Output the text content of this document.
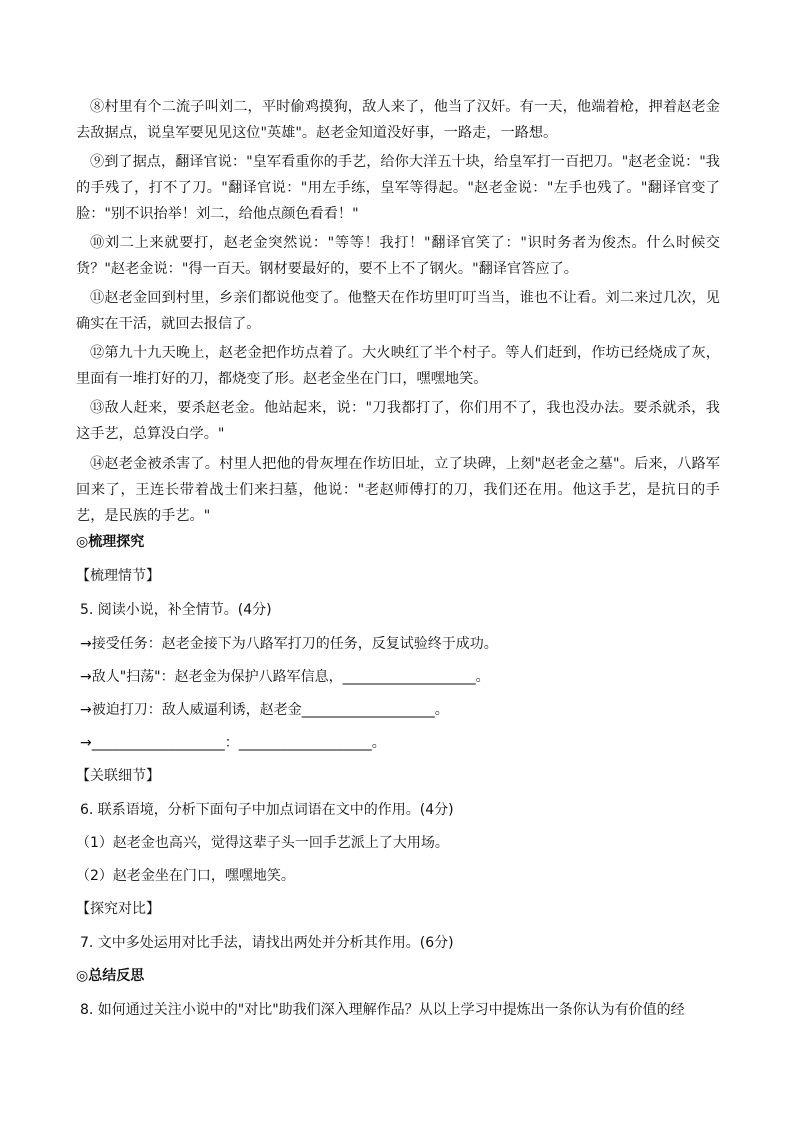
⑧村里有个二流子叫刘二，平时偷鸡摸狗，敌人来了，他当了汉奸。有一天，他端着枪，押着赵老金去敌据点，说皇军要见见这位"英雄"。赵老金知道没好事，一路走，一路想。

⑨到了据点，翻译官说："皇军看重你的手艺，给你大洋五十块，给皇军打一百把刀。"赵老金说："我的手残了，打不了刀。"翻译官说："用左手练，皇军等得起。"赵老金说："左手也残了。"翻译官变了脸："别不识抬举！刘二，给他点颜色看看！"

⑩刘二上来就要打，赵老金突然说："等等！我打！"翻译官笑了："识时务者为俊杰。什么时候交货？"赵老金说："得一百天。钢材要最好的，要不上不了钢火。"翻译官答应了。

⑪赵老金回到村里，乡亲们都说他变了。他整天在作坊里叮叮当当，谁也不让看。刘二来过几次，见确实在干活，就回去报信了。

⑫第九十九天晚上，赵老金把作坊点着了。大火映红了半个村子。等人们赶到，作坊已经烧成了灰，里面有一堆打好的刀，都烧变了形。赵老金坐在门口，嘿嘿地笑。

⑬敌人赶来，要杀赵老金。他站起来，说："刀我都打了，你们用不了，我也没办法。要杀就杀，我这手艺，总算没白学。"

⑭赵老金被杀害了。村里人把他的骨灰埋在作坊旧址，立了块碑，上刻"赵老金之墓"。后来，八路军回来了，王连长带着战士们来扫墓，他说："老赵师傅打的刀，我们还在用。他这手艺，是抗日的手艺，是民族的手艺。"

◎梳理探究
【梳理情节】
5. 阅读小说，补全情节。(4分)
→接受任务：赵老金接下为八路军打刀的任务，反复试验终于成功。
→敌人"扫荡"：赵老金为保护八路军信息，___________________。
→被迫打刀：敌人威逼利诱，赵老金___________________。
→___________________：___________________。
【关联细节】
6. 联系语境，分析下面句子中加点词语在文中的作用。(4分)
（1）赵老金也高兴，觉得这辈子头一回手艺派上了大用场。
（2）赵老金坐在门口，嘿嘿地笑。
【探究对比】
7. 文中多处运用对比手法，请找出两处并分析其作用。(6分)
◎总结反思
8. 如何通过关注小说中的"对比"助我们深入理解作品？从以上学习中提炼出一条你认为有价值的经
